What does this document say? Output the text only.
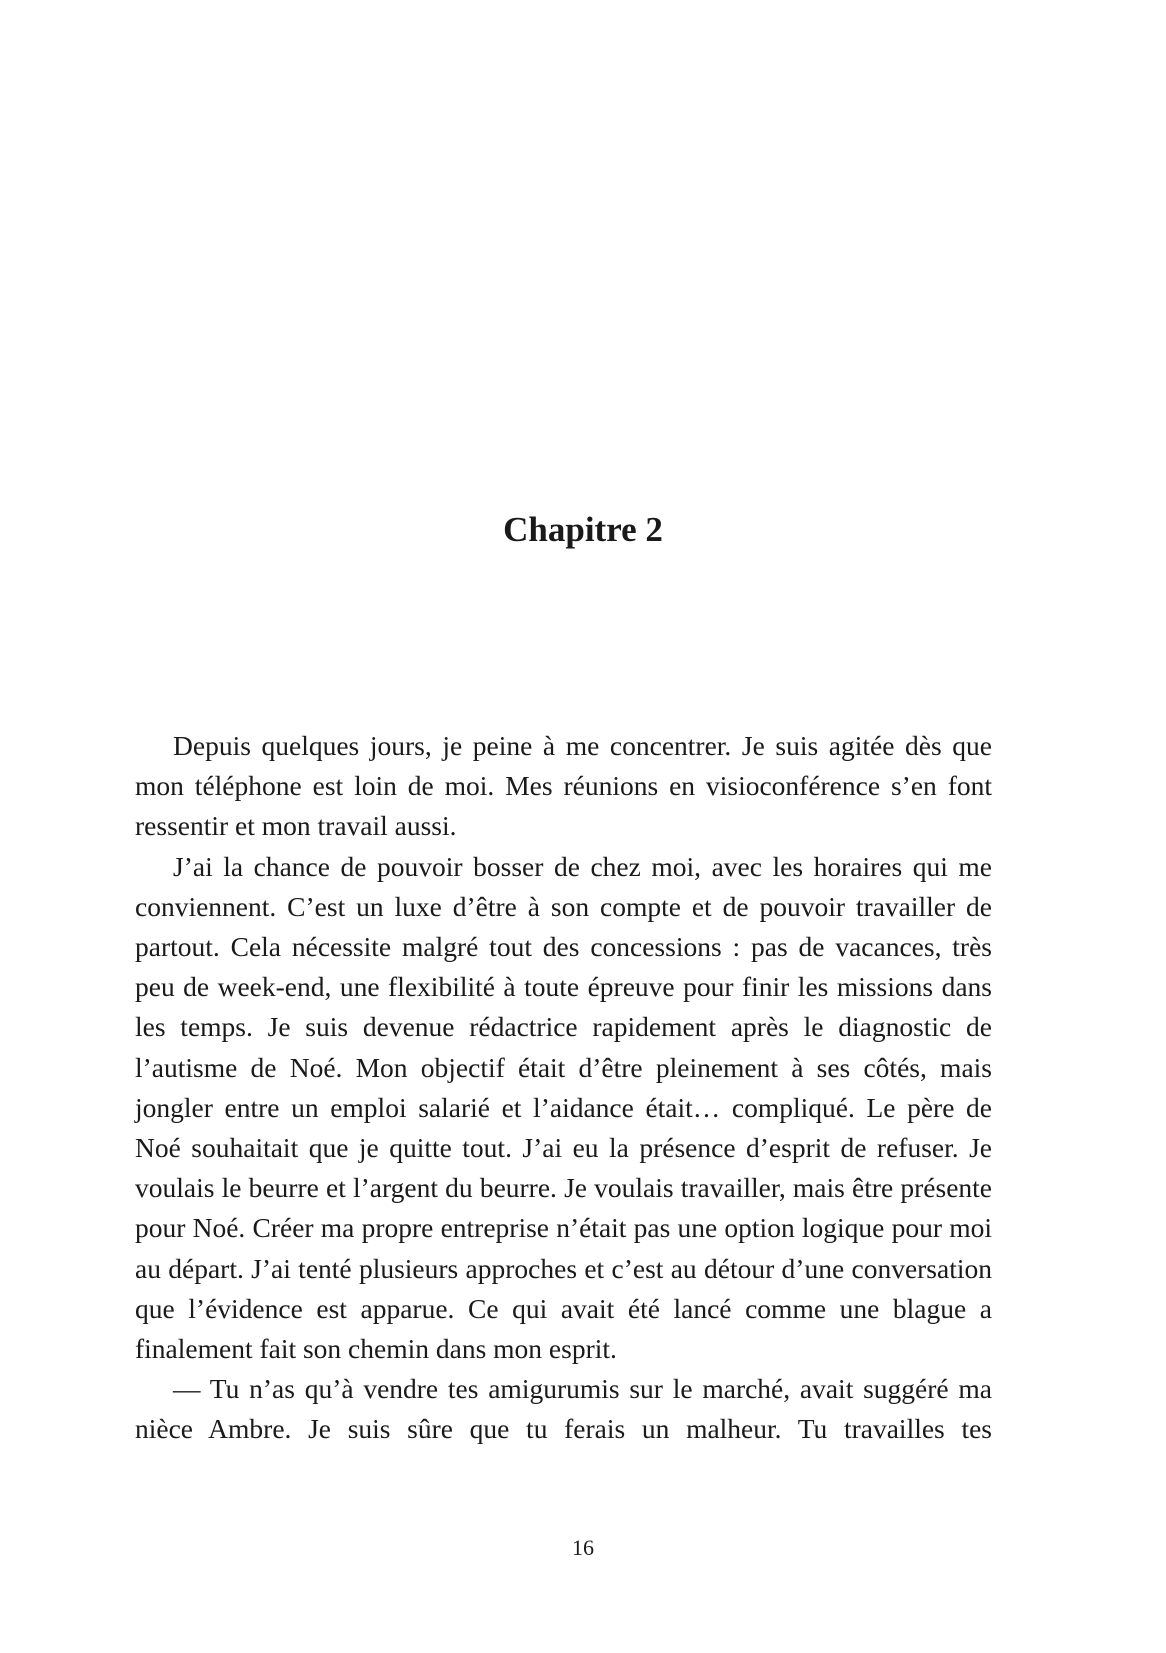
Chapitre 2

Depuis quelques jours, je peine à me concentrer. Je suis agitée dès que mon téléphone est loin de moi. Mes réunions en visioconférence s’en font ressentir et mon travail aussi.

J’ai la chance de pouvoir bosser de chez moi, avec les horaires qui me conviennent. C’est un luxe d’être à son compte et de pouvoir travailler de partout. Cela nécessite malgré tout des concessions : pas de vacances, très peu de week-end, une flexibilité à toute épreuve pour finir les missions dans les temps. Je suis devenue rédactrice rapidement après le diagnostic de l’autisme de Noé. Mon objectif était d’être pleinement à ses côtés, mais jongler entre un emploi salarié et l’aidance était… compliqué. Le père de Noé souhaitait que je quitte tout. J’ai eu la présence d’esprit de refuser. Je voulais le beurre et l’argent du beurre. Je voulais travailler, mais être présente pour Noé. Créer ma propre entreprise n’était pas une option logique pour moi au départ. J’ai tenté plusieurs approches et c’est au détour d’une conversation que l’évidence est apparue. Ce qui avait été lancé comme une blague a finalement fait son chemin dans mon esprit.

— Tu n’as qu’à vendre tes amigurumis sur le marché, avait suggéré ma nièce Ambre. Je suis sûre que tu ferais un malheur. Tu travailles tes

16
